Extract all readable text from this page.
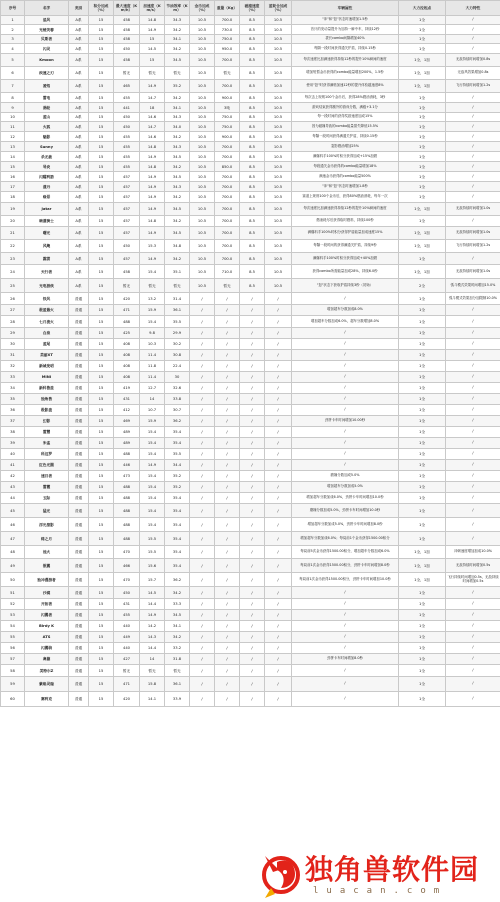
序号	名字	类别	积分加成（%）	最大速度（Km/h）	加速度（Km/s）	节油效率（Km）	金币加成（%）	重量（Kg）	碰撞速度（%）	蓝耗仓加成（%）	车辆属性	大力拉起点	大力特性
1	追风	A系	15	458	14.8	34.3	10.5	700.0	8.5	10.5	"冲"和"怒"状态时速增加1.5秒	1全	/
2	光棱芙蓉	A系	15	458	14.9	34.2	10.5	730.0	8.5	10.5	首只的发动量提升为加持一瞬中车，持续12秒	1全	/
3	贝斯者	A系	15	458	15	34.1	10.5	750.0	8.5	10.5	拔长combo间隔增加40%	1全	/
4	闪灵	A系	15	450	14.5	34.2	10.5	950.0	8.5	10.5	每隔一段时间获得通关护盾，持续0.15秒	1全	/
5	Kmoon	A系	15	458	15	34.5	10.5	700.0	8.5	10.5	每次速度比加满速获得持续12秒的提升10%瞬间的速度	1全，1加	无敌持续时间增加0.8s
6	疾速之刃	A系	15	暂无	暂无	暂无	10.5	暂无	8.5	10.5	增加短暂金币获得的combo能量增加200%，1.5秒	1全，1加	无敌风效果增加0.8s
7	凌驾	A系	15	465	14.9	35.2	10.5	700.0	8.5	10.5	使用"怒"时获得满格加速12秒的提升体验越速度8%	1全，1加	飞行持续时间增加1.2s
8	雷电	A系	15	455	14.7	34.2	10.5	900.0	8.5	10.5	每次击上规则100个金币后，获得28%燃油消耗，3秒	1全	/
9	涡轮	A系	15	441	18	34.1	10.5	3吨	8.5	10.5	游戏结束获得额外的游戏分数，满级+3.1分	1全	/
10	蓝山	A系	15	450	14.6	34.3	10.5	750.0	8.5	10.5	每一段时间的获得奖励速度加成15%	1全	/
11	火狐	A系	15	450	14.7	34.0	10.5	750.0	8.5	10.5	因为碰撞导致的combo能量损失降低15.5%	1全	/
12	魅影	A系	15	455	14.6	34.2	10.5	900.0	8.5	10.5	每隔一段时间获得满通关护盾，持续0.15秒	1全	/
13	Sunny	A系	15	455	14.8	34.3	10.5	700.0	8.5	10.5	鉴影燃油增加25%	1全	/
14	杀无赦	A系	15	455	14.9	34.5	10.5	700.0	8.5	10.5	满爆料手100%时积分获得加成+15%加燃	1全	/
15	导炎	A系	15	455	14.8	34.2	10.5	850.0	8.5	10.5	每段通关金币获得的combo能量增加18%	1全	/
16	闪耀利箭	A系	15	457	14.9	34.5	10.5	700.0	8.5	10.5	满速金币获得的combo能量500%	1全	/
17	道丹	A系	15	457	14.9	34.3	10.5	700.0	8.5	10.5	"冲"和"怒"状态时速增加1.8秒	1全	/
18	缘哥	A系	15	457	14.9	34.2	10.5	700.0	8.5	10.5	赛道上规则100个金币后，获得80%燃油消耗，每年一次	1全	/
19	Jatar	A系	15	457	14.9	34.5	10.5	700.0	8.5	10.5	每次速度比加满速获得持续12秒的提升10%瞬间的速度	1全，1加	无敌持续时间增加1.0s
20	暗道骑士	A系	15	457	14.8	34.2	10.5	700.0	8.5	10.5	燃油耗尽后获得临时燃料，持续100秒	1全	/
21	曙光	A系	15	457	14.9	34.5	10.5	700.0	8.5	10.5	满爆料手100%时积分获得护盾能量加成速度15%	1全，1加	无敌持续时间增加1.0s
22	风飑	A系	15	450	15.3	34.8	10.5	700.0	8.5	10.5	每隔一段时间的获得满通关护盾，持续9秒	1全，1加	飞行持续时间增加1.2s
23	霹雳	A系	15	457	14.9	34.2	10.5	700.0	8.5	10.5	满爆料手100%时积分获得加成+40%加燃	1全	/
24	天行者	A系	15	458	15.4	35.1	10.5	710.0	8.5	10.5	获得combo所需能量加成28%，持续6.0秒	1全，1加	无敌持续时间增加1.0s
25	光电游侠	A系	15	暂无	暂无	暂无	10.5	暂无	8.5	10.5	"怒"状态下获取护盾持续3秒（初始）	2全	弧斗模式效果时间增加15.0%
26	铁风	普通	15	420	13.2	31.4	/	/	/	/	/	1全	弧斗模式效果加分加限制10.0%
27	极蓝悬火	普通	15	471	15.9	36.1	/	/	/	/	增加超车分数加成8.0%	1全	/
28	七月流火	普通	15	488	15.4	35.5	/	/	/	/	增加超车分数加成6.0%，超车分数增加8.0%	1全	/
29	白泉	普通	15	425	9.8	29.9	/	/	/	/	/	1全	/
30	蓝尾	普通	15	408	10.3	30.2	/	/	/	/	/	1全	/
31	美丽XT	普通	15	408	11.4	30.8	/	/	/	/	/	1全	/
32	新城发明	普通	15	408	11.8	22.4	/	/	/	/	/	1全	/
33	MINI	普通	15	408	11.4	30	/	/	/	/	/	1全	/
34	新科鲁兹	普通	15	419	12.7	32.6	/	/	/	/	/	1全	/
35	独角兽	普通	15	431	14	33.8	/	/	/	/	/	1全	/
36	极影盘	普通	15	412	10.7	30.7	/	/	/	/	/	1全	/
37	幻影	普通	15	469	15.9	36.2	/	/	/	/	劲拼卡车时间增加10.00秒	1全	/
38	雷慧	普通	15	489	15.4	35.4	/	/	/	/	/	1全	/
39	朱雀	普通	15	489	15.4	35.4	/	/	/	/	/	1全	/
40	科迈罗	普通	15	488	15.4	35.5	/	/	/	/	/	1全	/
41	红色光圈	普通	15	446	14.9	34.4	/	/	/	/	/	1全	/
42	速目者	普通	15	473	15.4	35.2	/	/	/	/	磨撞分数加成5.0%	1全	/
43	雷霞	普通	15	488	15.4	35.2	/	/	/	/	增加超车分数加成5.0%	1全	/
44	玉际	普通	15	488	15.4	35.4	/	/	/	/	增加超车分数加成6.0%，劲拼卡车时间增加10.0秒	1全	/
45	猛光	普通	15	488	15.4	35.4	/	/	/	/	磨撞分数加成5.0%，劲拼卡车时间增加10.0秒	1全	/
46	浮光掠影	普通	15	488	15.4	35.4	/	/	/	/	增加超车分数加成5.0%，劲拼卡车时间增加8.0秒	1全	/
47	绯之月	普通	15	488	15.5	35.4	/	/	/	/	增加超车分数加成6.0%；每局前1个金币获得1500.00积分	1全	/
48	池火	普通	15	470	15.5	35.4	/	/	/	/	每局前5次金币获得1500.00积分，增加超车分数加成6.0%	1全，1加	冲刺速度增加加成10.0%
49	银翼	普通	15	466	15.6	35.4	/	/	/	/	每局前1次金币获得1500.00积分，劲拼卡车时间增加8.0秒	1全，1加	无敌持续时间增加0.5s
50	独冲漫游者	普通	15	470	15.7	36.2	/	/	/	/	每局前1次金币获得1500.00积分，劲拼卡车时间增加10.0秒	1全，1加	飞行持续时间增加0.5s，无敌持续时间增加0.5s
51	沙漠	普通	15	450	14.5	34.2	/	/	/	/	/	1全	/
52	开拓者	普通	15	431	14.4	33.3	/	/	/	/	/	1全	/
53	闪翼者	普通	15	455	14.9	34.5	/	/	/	/	/	1全	/
54	Birdy K	普通	15	440	14.2	34.1	/	/	/	/	/	1全	/
55	ATS	普通	15	449	14.3	34.2	/	/	/	/	/	1全	/
56	闪翼驹	普通	15	440	14.4	33.2	/	/	/	/	/	1全	/
57	奥德	普通	15	427	14	31.8	/	/	/	/	劲拼卡车时间增加8.0秒	1全	/
58	美特尔Z	普通	15	暂无	暂无	暂无	/	/	/	/	/	1全	/
59	紫焰灵瑞	普通	15	471	15.8	36.1	/	/	/	/	/	1全	/
60	赛利克	普通	15	420	14.1	33.9	/	/	/	/	/	1全	/
独角兽软件园
luacan.com
